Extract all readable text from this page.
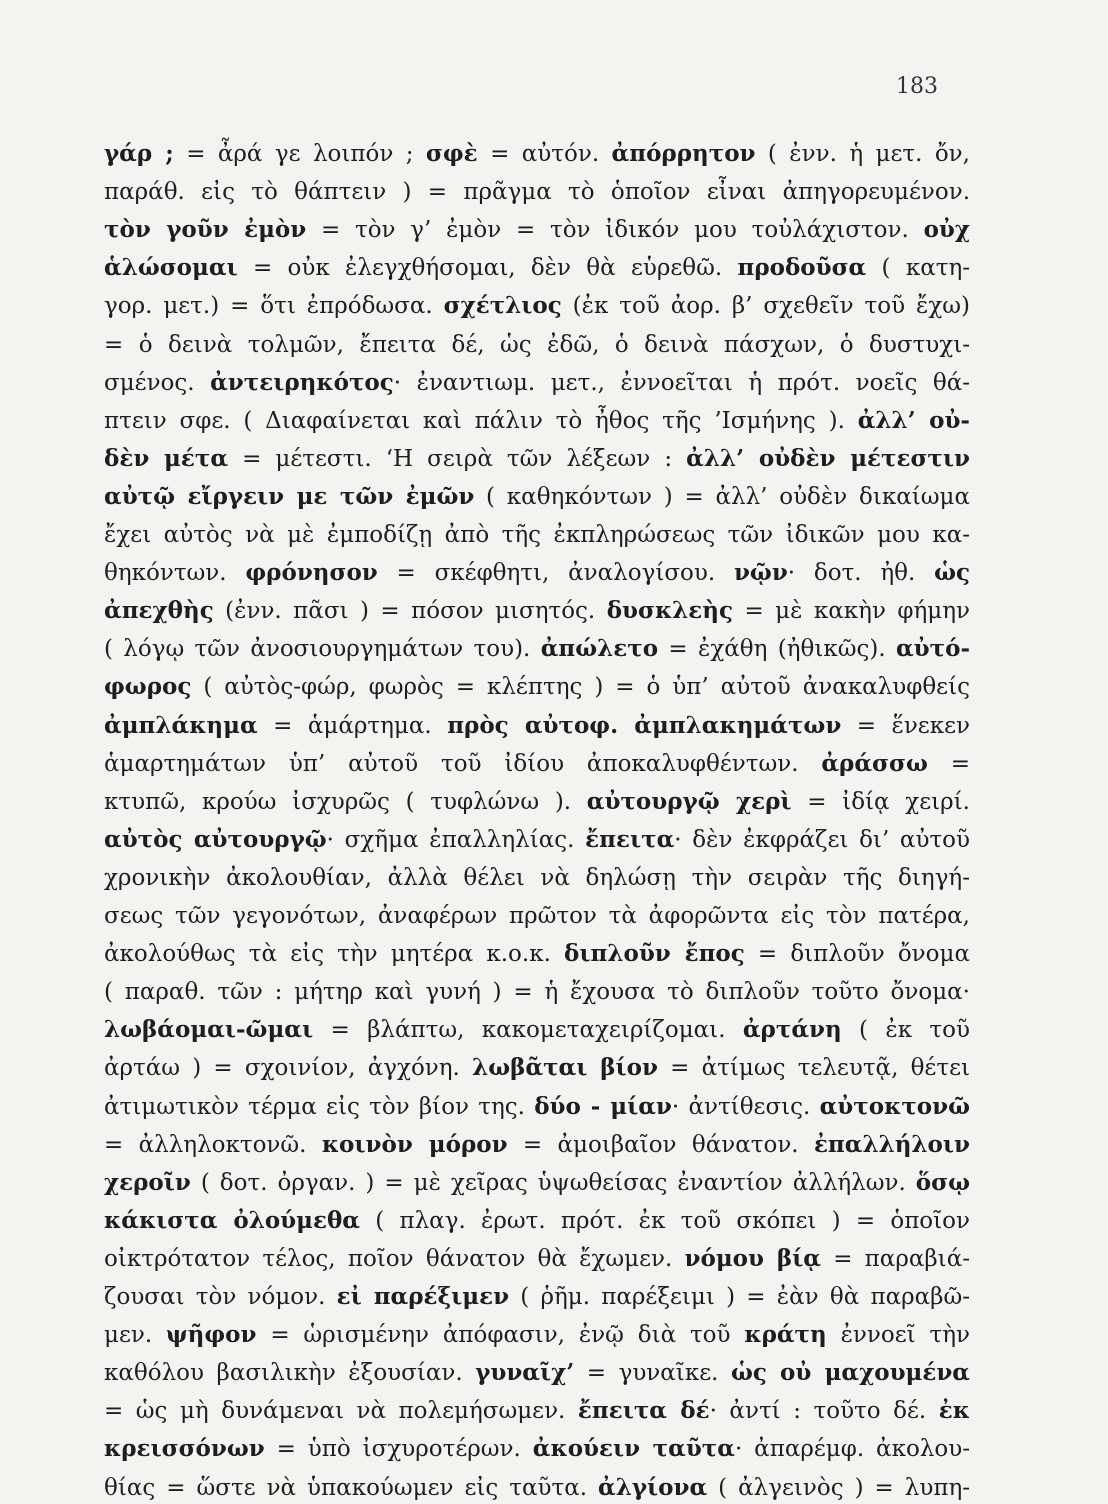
183
γάρ ; = ἆρά γε λοιπόν ; σφὲ = αὐτόν. ἀπόρρητον ( ἐνν. ἡ μετ. ὄν,
παράθ. εἰς τὸ θάπτειν ) = πρᾶγμα τὸ ὁποῖον εἶναι ἀπηγορευμένον.
τὸν γοῦν ἐμὸν = τὸν γ’ ἐμὸν = τὸν ἰδικόν μου τοὐλάχιστον. οὐχ
ἁλώσομαι = οὐκ ἐλεγχθήσομαι, δὲν θὰ εὑρεθῶ. προδοῦσα ( κατη-
γορ. μετ.) = ὅτι ἐπρόδωσα. σχέτλιος (ἐκ τοῦ ἀορ. β’ σχεθεῖν τοῦ ἔχω)
= ὁ δεινὰ τολμῶν, ἔπειτα δέ, ὡς ἐδῶ, ὁ δεινὰ πάσχων, ὁ δυστυχι-
σμένος. ἀντειρηκότος· ἐναντιωμ. μετ., ἐννοεῖται ἡ πρότ. νοεῖς θά-
πτειν σφε. ( Διαφαίνεται καὶ πάλιν τὸ ἦθος τῆς ’Ισμήνης ). ἀλλ’ οὐ-
δὲν μέτα = μέτεστι. ‘Η σειρὰ τῶν λέξεων : ἀλλ’ οὐδὲν μέτεστιν
αὐτῷ εἴργειν με τῶν ἐμῶν ( καθηκόντων ) = ἀλλ’ οὐδὲν δικαίωμα
ἔχει αὐτὸς νὰ μὲ ἐμποδίζῃ ἀπὸ τῆς ἐκπληρώσεως τῶν ἰδικῶν μου κα-
θηκόντων. φρόνησον = σκέφθητι, ἀναλογίσου. νῷν· δοτ. ἠθ. ὡς
ἀπεχθὴς (ἐνν. πᾶσι ) = πόσον μισητός. δυσκλεὴς = μὲ κακὴν φήμην
( λόγῳ τῶν ἀνοσιουργημάτων του). ἀπώλετο = ἐχάθη (ἠθικῶς). αὐτό-
φωρος ( αὐτὸς-φώρ, φωρὸς = κλέπτης ) = ὁ ὑπ’ αὐτοῦ ἀνακαλυφθείς
ἀμπλάκημα = ἁμάρτημα. πρὸς αὐτοφ. ἀμπλακημάτων = ἕνεκεν
ἁμαρτημάτων ὑπ’ αὐτοῦ τοῦ ἰδίου ἀποκαλυφθέντων. ἀράσσω =
κτυπῶ, κρούω ἰσχυρῶς ( τυφλώνω ). αὐτουργῷ χερὶ = ἰδίᾳ χειρί.
αὐτὸς αὐτουργῷ· σχῆμα ἐπαλληλίας. ἔπειτα· δὲν ἐκφράζει δι’ αὐτοῦ
χρονικὴν ἀκολουθίαν, ἀλλὰ θέλει νὰ δηλώσῃ τὴν σειρὰν τῆς διηγή-
σεως τῶν γεγονότων, ἀναφέρων πρῶτον τὰ ἀφορῶντα εἰς τὸν πατέρα,
ἀκολούθως τὰ εἰς τὴν μητέρα κ.ο.κ. διπλοῦν ἔπος = διπλοῦν ὄνομα
( παραθ. τῶν : μήτηρ καὶ γυνή ) = ἡ ἔχουσα τὸ διπλοῦν τοῦτο ὄνομα·
λωβάομαι-ῶμαι = βλάπτω, κακομεταχειρίζομαι. ἀρτάνη ( ἐκ τοῦ
ἀρτάω ) = σχοινίον, ἀγχόνη. λωβᾶται βίον = ἀτίμως τελευτᾷ, θέτει
ἀτιμωτικὸν τέρμα εἰς τὸν βίον της. δύο - μίαν· ἀντίθεσις. αὐτοκτονῶ
= ἀλληλοκτονῶ. κοινὸν μόρον = ἀμοιβαῖον θάνατον. ἐπαλλήλοιν
χεροῖν ( δοτ. ὀργαν. ) = μὲ χεῖρας ὑψωθείσας ἐναντίον ἀλλήλων. ὅσῳ
κάκιστα ὀλούμεθα ( πλαγ. ἐρωτ. πρότ. ἐκ τοῦ σκόπει ) = ὁποῖον
οἰκτρότατον τέλος, ποῖον θάνατον θὰ ἔχωμεν. νόμου βίᾳ = παραβιά-
ζουσαι τὸν νόμον. εἰ παρέξιμεν ( ῥῆμ. παρέξειμι ) = ἐὰν θὰ παραβῶ-
μεν. ψῆφον = ὡρισμένην ἀπόφασιν, ἐνῷ διὰ τοῦ κράτη ἐννοεῖ τὴν
καθόλου βασιλικὴν ἐξουσίαν. γυναῖχ’ = γυναῖκε. ὡς οὐ μαχουμένα
= ὡς μὴ δυνάμεναι νὰ πολεμήσωμεν. ἔπειτα δέ· ἀντί : τοῦτο δέ. ἐκ
κρεισσόνων = ὑπὸ ἰσχυροτέρων. ἀκούειν ταῦτα· ἀπαρέμφ. ἀκολου-
θίας = ὥστε νὰ ὑπακούωμεν εἰς ταῦτα. ἀλγίονα ( ἀλγεινὸς ) = λυπη-
